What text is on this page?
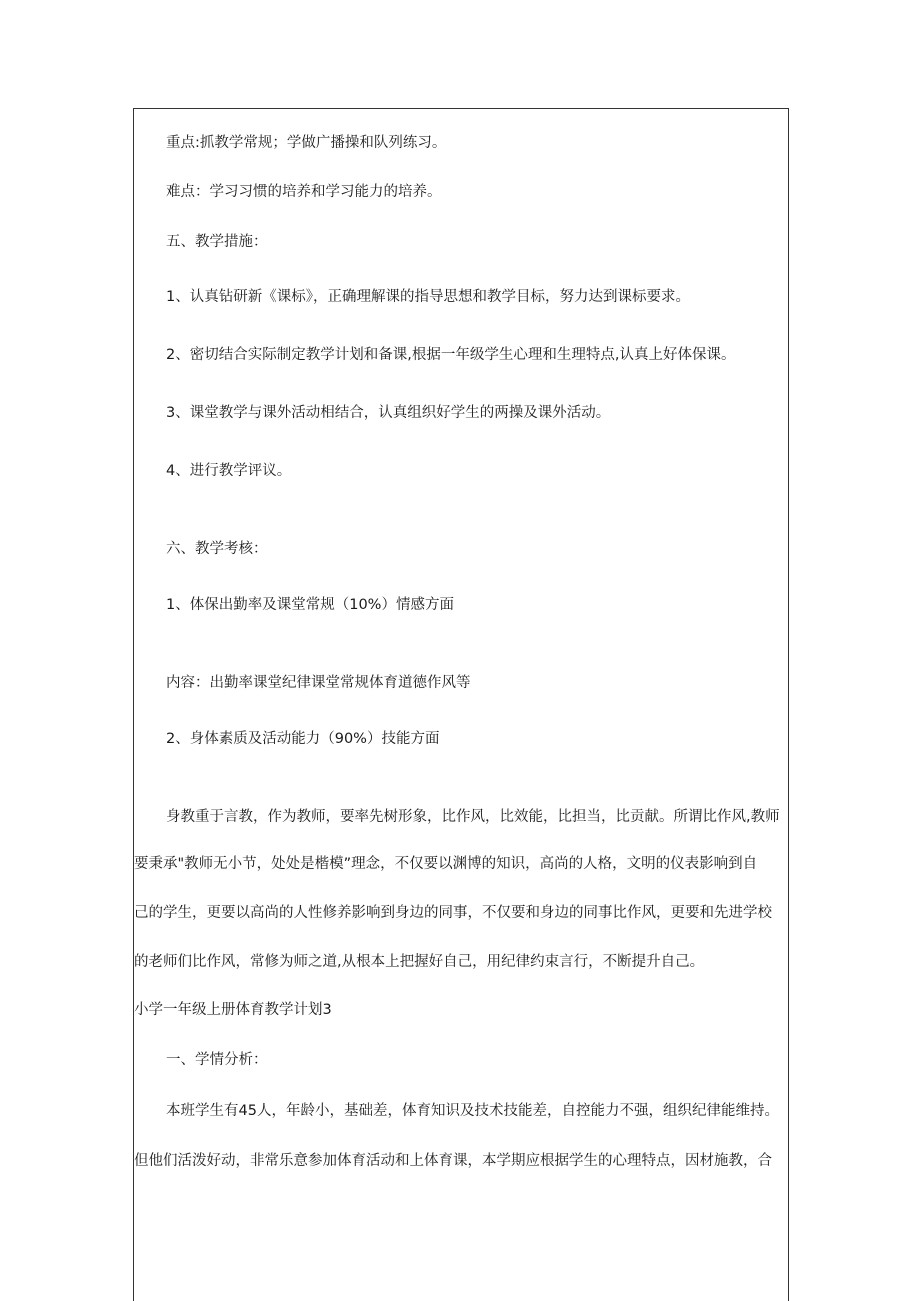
重点:抓教学常规；学做广播操和队列练习。
难点：学习习惯的培养和学习能力的培养。
五、教学措施：
1、认真钻研新《课标》，正确理解课的指导思想和教学目标，努力达到课标要求。
2、密切结合实际制定教学计划和备课,根据一年级学生心理和生理特点,认真上好体保课。
3、课堂教学与课外活动相结合，认真组织好学生的两操及课外活动。
4、进行教学评议。
六、教学考核：
1、体保出勤率及课堂常规（10%）情感方面
内容：出勤率课堂纪律课堂常规体育道德作风等
2、身体素质及活动能力（90%）技能方面
身教重于言教，作为教师，要率先树形象，比作风，比效能，比担当，比贡献。所谓比作风,教师
要秉承"教师无小节，处处是楷模”理念，不仅要以渊博的知识，高尚的人格，文明的仪表影响到自
己的学生，更要以高尚的人性修养影响到身边的同事，不仅要和身边的同事比作风，更要和先进学校
的老师们比作风，常修为师之道,从根本上把握好自己，用纪律约束言行，不断提升自己。
小学一年级上册体育教学计划3
一、学情分析：
本班学生有45人，年龄小，基础差，体育知识及技术技能差，自控能力不强，组织纪律能维持。
但他们活泼好动，非常乐意参加体育活动和上体育课，本学期应根据学生的心理特点，因材施教，合
